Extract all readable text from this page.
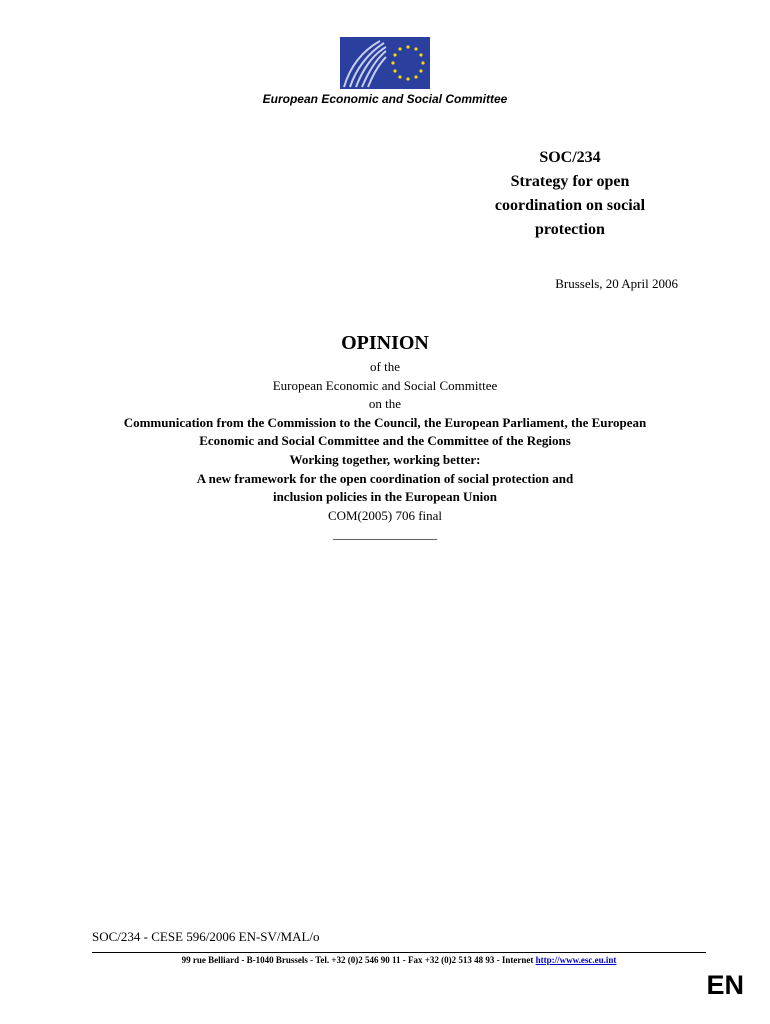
European Economic and Social Committee
SOC/234
Strategy for open
coordination on social
protection
Brussels, 20 April 2006
OPINION
of the
European Economic and Social Committee
on the
Communication from the Commission to the Council, the European Parliament, the European
Economic and Social Committee and the Committee of the Regions
Working together, working better:
A new framework for the open coordination of social protection and
inclusion policies in the European Union
COM(2005) 706 final
________________
SOC/234 - CESE 596/2006 EN-SV/MAL/o
99 rue Belliard - B-1040 Brussels - Tel. +32 (0)2 546 90 11 - Fax +32 (0)2 513 48 93 - Internet http://www.esc.eu.int
EN
